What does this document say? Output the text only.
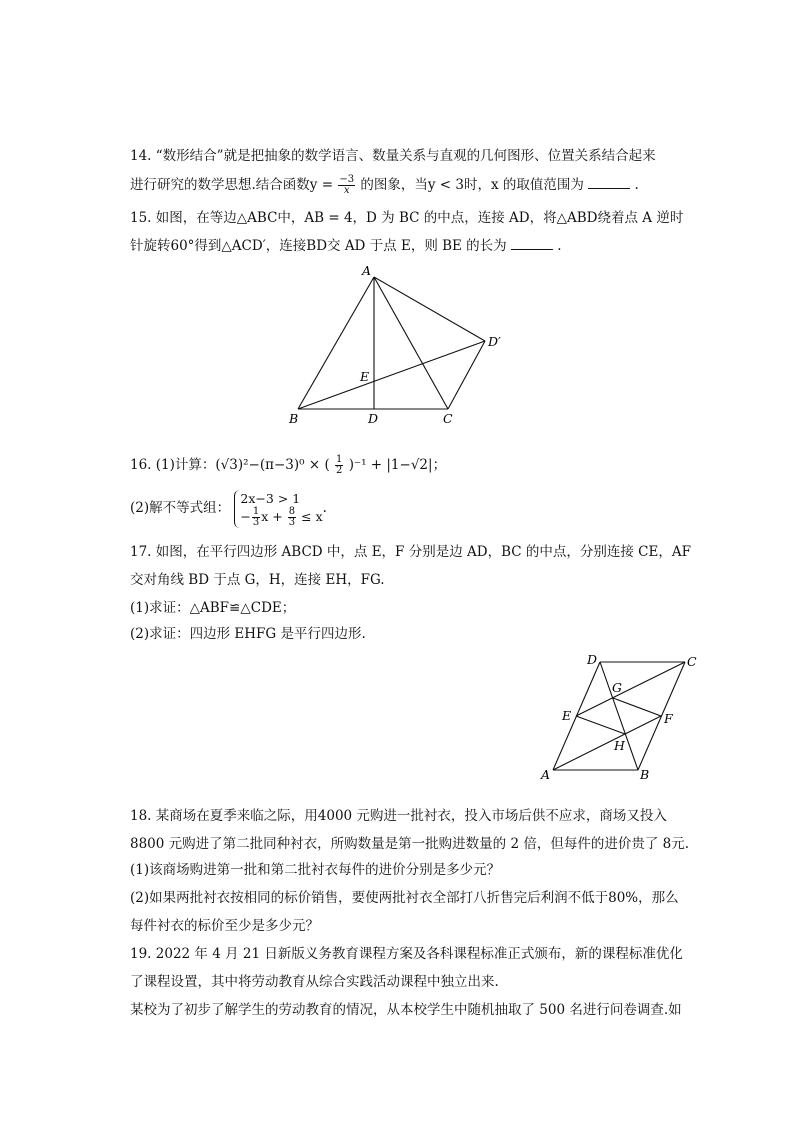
14. “数形结合”就是把抽象的数学语言、数量关系与直观的几何图形、位置关系结合起来
进行研究的数学思想.结合函数$y = \frac{-3}{x}$ 的图象，当y < 3时，x 的取值范围为	.
15. 如图，在等边△ABC中，AB = 4，D 为 BC 的中点，连接 AD，将△ABD绕着点 A 逆时
针旋转60°得到△ACD′，连接BD交 AD 于点 E，则 BE 的长为	.
A
D′
E
B	D	C
16. (1)计算：(√3)²−(π−3)⁰ × ( $\frac{1}{2} )^{-1} + |1-√2|$；
(2)解不等式组：
2x−3 > 1
− $\frac{1}{3}$ $x + \frac{8}{3} \le x$ .
17. 如图，在平行四边形 ABCD 中，点 E，F 分别是边 AD，BC 的中点，分别连接 CE，AF
交对角线 BD 于点 G，H，连接 EH，FG.
(1)求证：△ABF≌△CDE；
(2)求证：四边形 EHFG 是平行四边形.
D	C
G
E	F
H
A	B
18. 某商场在夏季来临之际，用4000 元购进一批衬衣，投入市场后供不应求，商场又投入
8800 元购进了第二批同种衬衣，所购数量是第一批购进数量的 2 倍，但每件的进价贵了 8元.
(1)该商场购进第一批和第二批衬衣每件的进价分别是多少元？
(2)如果两批衬衣按相同的标价销售，要使两批衬衣全部打八折售完后利润不低于80%，那么
每件衬衣的标价至少是多少元？
19. 2022 年 4 月 21 日新版义务教育课程方案及各科课程标准正式颁布，新的课程标准优化
了课程设置，其中将劳动教育从综合实践活动课程中独立出来.
某校为了初步了解学生的劳动教育的情况，从本校学生中随机抽取了 500 名进行问卷调查.如
